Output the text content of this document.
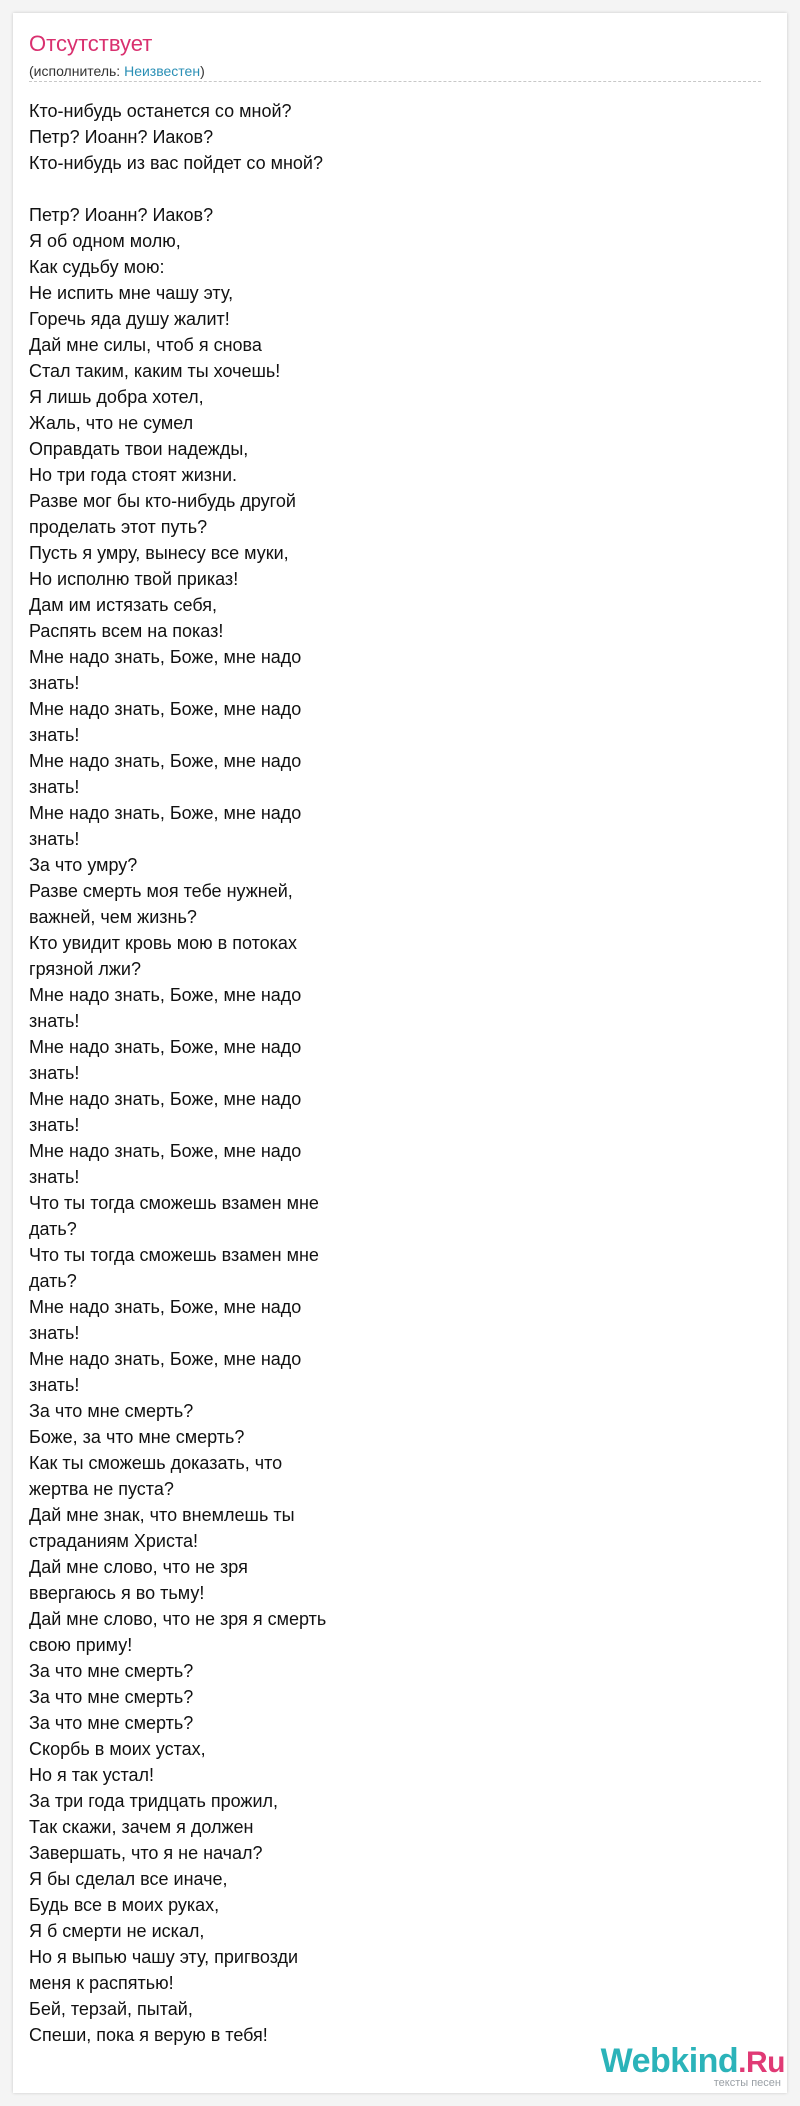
Отсутствует
(исполнитель: Неизвестен)
Кто-нибудь останется со мной?
Петр? Иоанн? Иаков?
Кто-нибудь из вас пойдет со мной?
Петр? Иоанн? Иаков?
Я об одном молю,
Как судьбу мою:
Не испить мне чашу эту,
Горечь яда душу жалит!
Дай мне силы, чтоб я снова
Стал таким, каким ты хочешь!
Я лишь добра хотел,
Жаль, что не сумел
Оправдать твои надежды,
Но три года стоят жизни.
Разве мог бы кто-нибудь другой
проделать этот путь?
Пусть я умру, вынесу все муки,
Но исполню твой приказ!
Дам им истязать себя,
Распять всем на показ!
Мне надо знать, Боже, мне надо
знать!
Мне надо знать, Боже, мне надо
знать!
Мне надо знать, Боже, мне надо
знать!
Мне надо знать, Боже, мне надо
знать!
За что умру?
Разве смерть моя тебе нужней,
важней, чем жизнь?
Кто увидит кровь мою в потоках
грязной лжи?
Мне надо знать, Боже, мне надо
знать!
Мне надо знать, Боже, мне надо
знать!
Мне надо знать, Боже, мне надо
знать!
Мне надо знать, Боже, мне надо
знать!
Что ты тогда сможешь взамен мне
дать?
Что ты тогда сможешь взамен мне
дать?
Мне надо знать, Боже, мне надо
знать!
Мне надо знать, Боже, мне надо
знать!
За что мне смерть?
Боже, за что мне смерть?
Как ты сможешь доказать, что
жертва не пуста?
Дай мне знак, что внемлешь ты
страданиям Христа!
Дай мне слово, что не зря
ввергаюсь я во тьму!
Дай мне слово, что не зря я смерть
свою приму!
За что мне смерть?
За что мне смерть?
За что мне смерть?
Скорбь в моих устах,
Но я так устал!
За три года тридцать прожил,
Так скажи, зачем я должен
Завершать, что я не начал?
Я бы сделал все иначе,
Будь все в моих руках,
Я б смерти не искал,
Но я выпью чашу эту, пригвозди
меня к распятью!
Бей, терзай, пытай,
Спеши, пока я верую в тебя!
Webkind.Ru
тексты песен
